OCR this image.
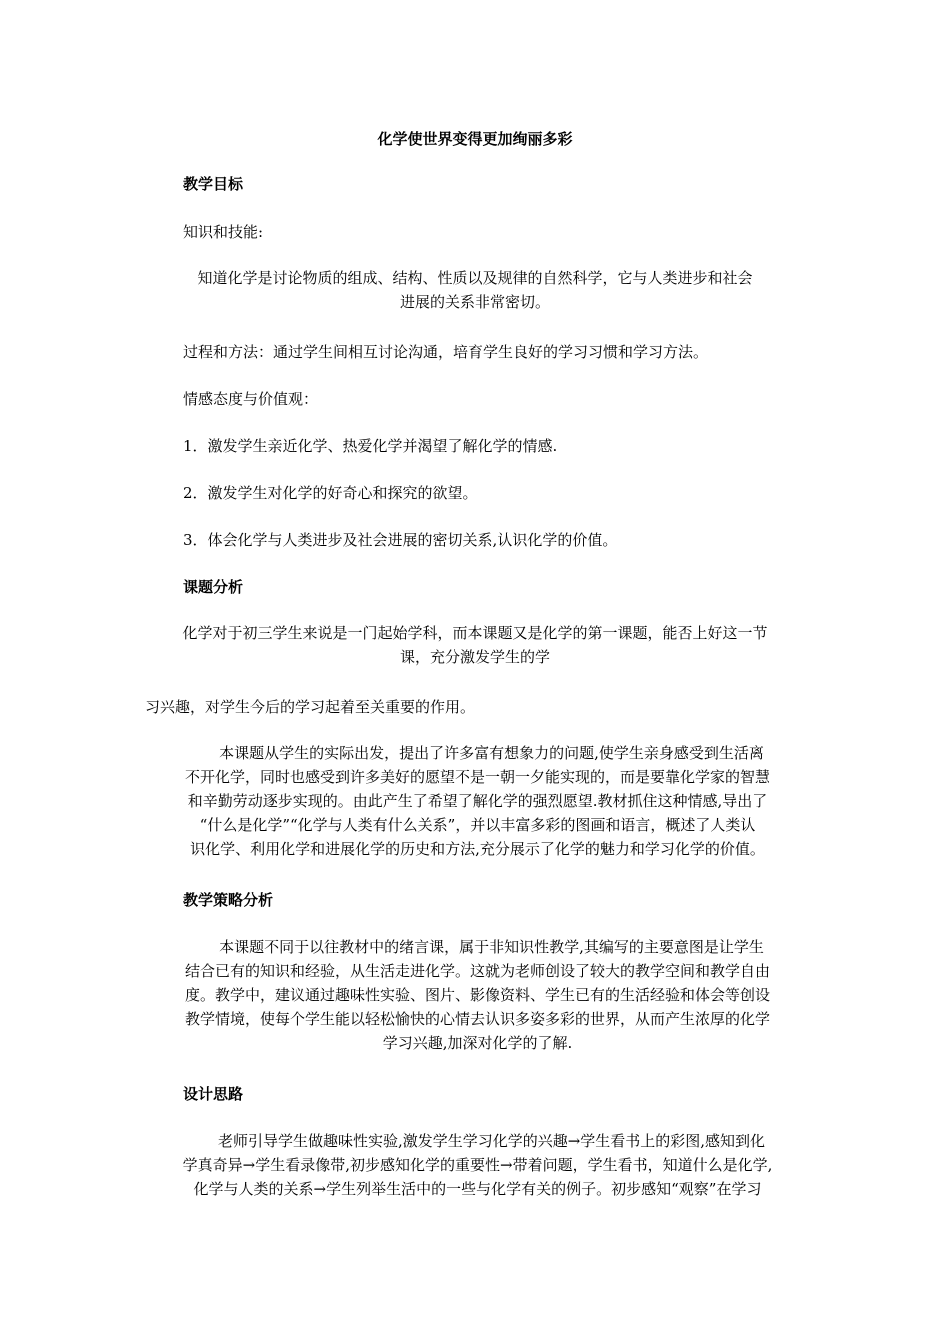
化学使世界变得更加绚丽多彩
教学目标
知识和技能:
知道化学是讨论物质的组成、结构、性质以及规律的自然科学，它与人类进步和社会
进展的关系非常密切。
过程和方法：通过学生间相互讨论沟通，培育学生良好的学习习惯和学习方法。
情感态度与价值观：
1．激发学生亲近化学、热爱化学并渴望了解化学的情感.
2．激发学生对化学的好奇心和探究的欲望。
3．体会化学与人类进步及社会进展的密切关系,认识化学的价值。
课题分析
化学对于初三学生来说是一门起始学科，而本课题又是化学的第一课题，能否上好这一节
课，充分激发学生的学
习兴趣，对学生今后的学习起着至关重要的作用。
本课题从学生的实际出发，提出了许多富有想象力的问题,使学生亲身感受到生活离
不开化学，同时也感受到许多美好的愿望不是一朝一夕能实现的，而是要靠化学家的智慧
和辛勤劳动逐步实现的。由此产生了希望了解化学的强烈愿望.教材抓住这种情感,导出了
“什么是化学”“化学与人类有什么关系”，并以丰富多彩的图画和语言，概述了人类认
识化学、利用化学和进展化学的历史和方法,充分展示了化学的魅力和学习化学的价值。
教学策略分析
本课题不同于以往教材中的绪言课，属于非知识性教学,其编写的主要意图是让学生
结合已有的知识和经验，从生活走进化学。这就为老师创设了较大的教学空间和教学自由
度。教学中，建议通过趣味性实验、图片、影像资料、学生已有的生活经验和体会等创设
教学情境，使每个学生能以轻松愉快的心情去认识多姿多彩的世界，从而产生浓厚的化学
学习兴趣,加深对化学的了解.
设计思路
老师引导学生做趣味性实验,激发学生学习化学的兴趣→学生看书上的彩图,感知到化
学真奇异→学生看录像带,初步感知化学的重要性→带着问题，学生看书，知道什么是化学,
化学与人类的关系→学生列举生活中的一些与化学有关的例子。初步感知“观察”在学习
